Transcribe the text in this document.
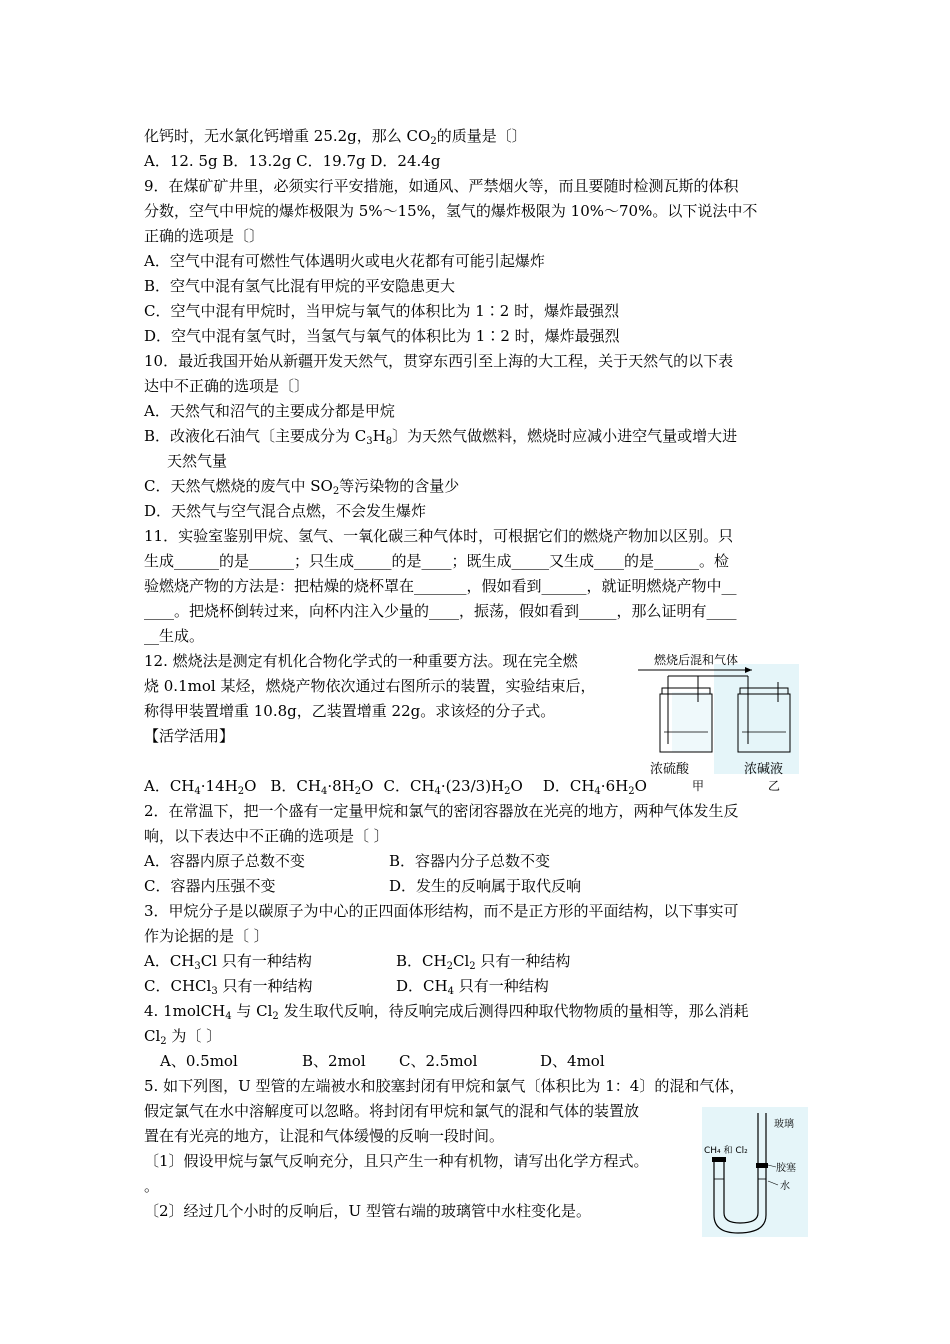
化钙时，无水氯化钙增重 25.2g，那么 $CO_2$的质量是〔〕
A．12. 5g B．13.2g C．19.7g D．24.4g
9．在煤矿矿井里，必须实行平安措施，如通风、严禁烟火等，而且要随时检测瓦斯的体积
分数，空气中甲烷的爆炸极限为 5%～15%，氢气的爆炸极限为 10%～70%。以下说法中不
正确的选项是〔〕
A．空气中混有可燃性气体遇明火或电火花都有可能引起爆炸
B．空气中混有氢气比混有甲烷的平安隐患更大
C．空气中混有甲烷时，当甲烷与氧气的体积比为 1∶2 时，爆炸最强烈
D．空气中混有氢气时，当氢气与氧气的体积比为 1∶2 时，爆炸最强烈
10．最近我国开始从新疆开发天然气，贯穿东西引至上海的大工程，关于天然气的以下表
达中不正确的选项是〔〕
A．天然气和沼气的主要成分都是甲烷
B．改液化石油气〔主要成分为 $C_3H_8$〕为天然气做燃料，燃烧时应减小进空气量或增大进
天然气量
C．天然气燃烧的废气中 $SO_2$等污染物的含量少
D．天然气与空气混合点燃，不会发生爆炸
11．实验室鉴别甲烷、氢气、一氧化碳三种气体时，可根据它们的燃烧产物加以区别。只
生成______的是______；只生成_____的是____；既生成_____又生成____的是______。检
验燃烧产物的方法是：把枯燥的烧杯罩在_______，假如看到______，就证明燃烧产物中__
____。把烧杯倒转过来，向杯内注入少量的____，振荡，假如看到_____，那么证明有____
__生成。
12. 燃烧法是测定有机化合物化学式的一种重要方法。现在完全燃
烧 0.1mol 某烃，燃烧产物依次通过右图所示的装置，实验结束后，
称得甲装置增重 10.8g，乙装置增重 22g。求该烃的分子式。
【活学活用】
A．$CH_4\cdot 14H_2O$ B．$CH_4\cdot 8H_2O$ C．$CH_4\cdot(23/3)H_2O$ D．$CH_4\cdot 6H_2O$
2．在常温下，把一个盛有一定量甲烷和氯气的密闭容器放在光亮的地方，两种气体发生反
响，以下表达中不正确的选项是〔 〕
A．容器内原子总数不变	B．容器内分子总数不变
C．容器内压强不变	D．发生的反响属于取代反响
3．甲烷分子是以碳原子为中心的正四面体形结构，而不是正方形的平面结构，以下事实可
作为论据的是〔 〕
A．$CH_3Cl$ 只有一种结构	B．$CH_2Cl_2$ 只有一种结构
C．CHCl$_3$ 只有一种结构	D．$CH_4$ 只有一种结构
4. 1molCH$_4$ 与 $Cl_2$ 发生取代反响，待反响完成后测得四种取代物物质的量相等，那么消耗
$Cl_2$ 为〔 〕
A、0.5mol	B、2mol C、2.5mol	D、4mol
5. 如下列图，U 型管的左端被水和胶塞封闭有甲烷和氯气〔体积比为 1：4〕的混和气体，
假定氯气在水中溶解度可以忽略。将封闭有甲烷和氯气的混和气体的装置放
置在有光亮的地方，让混和气体缓慢的反响一段时间。
〔1〕假设甲烷与氯气反响充分，且只产生一种有机物，请写出化学方程式。
。
〔2〕经过几个小时的反响后，U 型管右端的玻璃管中水柱变化是。
燃烧后混和气体
浓硫酸	浓碱液
甲	乙
玻璃
CH₄ 和 Cl₂
胶塞
水
